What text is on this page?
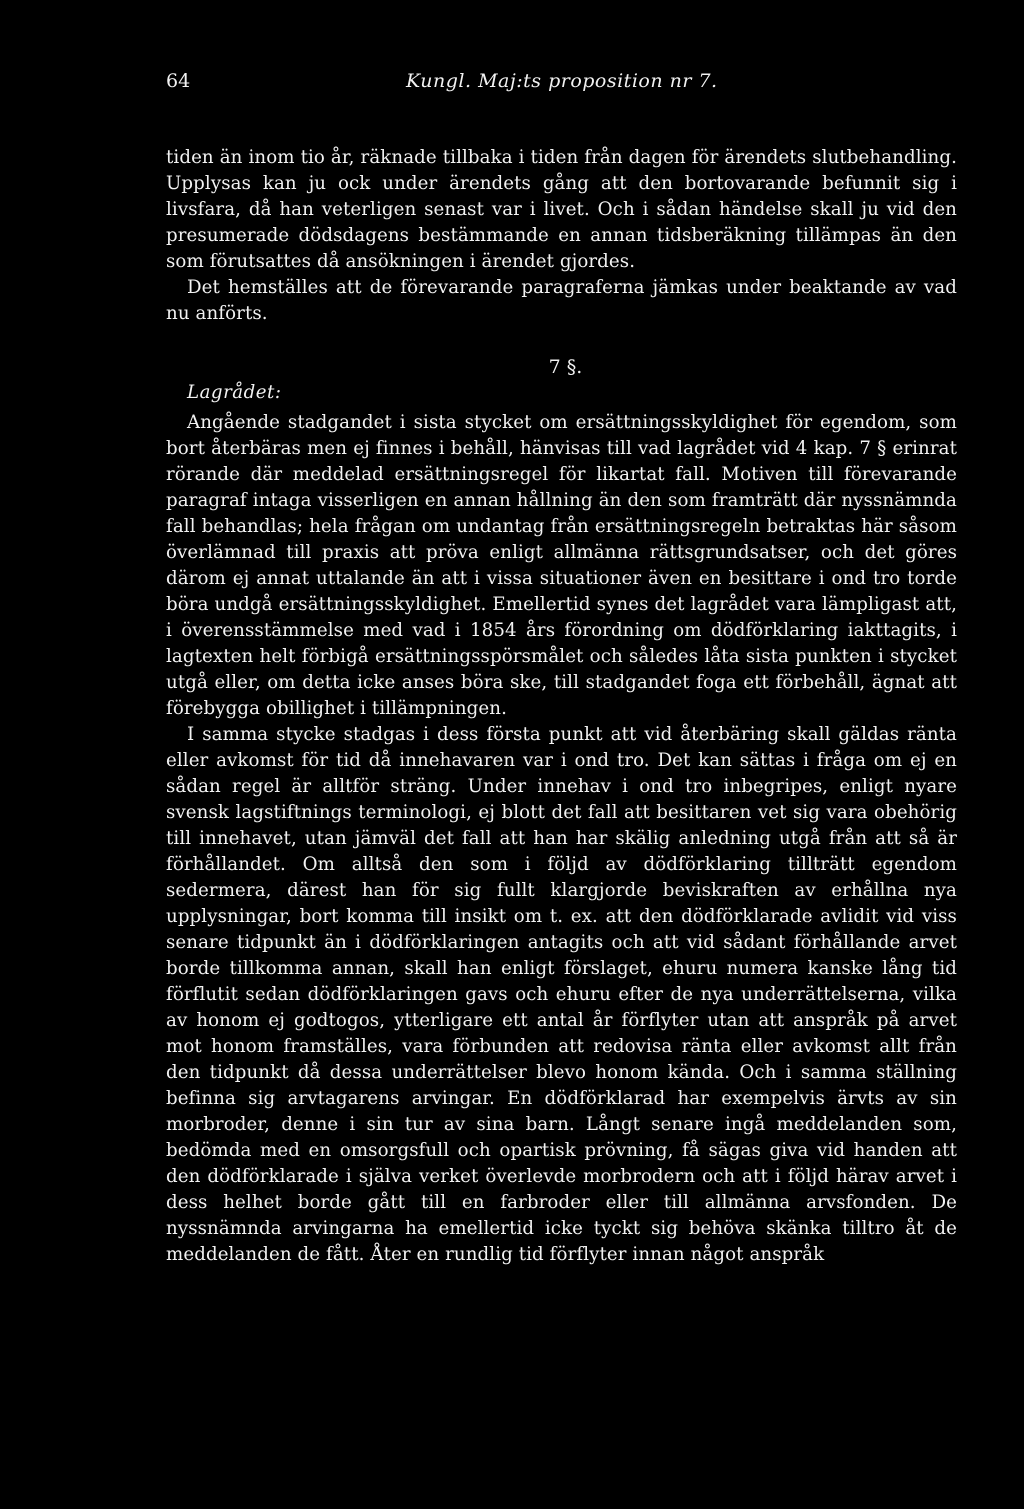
64	Kungl. Maj:ts proposition nr 7.
tiden än inom tio år, räknade tillbaka i tiden från dagen för ärendets slutbehandling. Upplysas kan ju ock under ärendets gång att den bortovarande befunnit sig i livsfara, då han veterligen senast var i livet. Och i sådan händelse skall ju vid den presumerade dödsdagens bestämmande en annan tidsberäkning tillämpas än den som förutsattes då ansökningen i ärendet gjordes.
Det hemställes att de förevarande paragraferna jämkas under beaktande av vad nu anförts.
7 §.
Lagrådet:
Angående stadgandet i sista stycket om ersättningsskyldighet för egendom, som bort återbäras men ej finnes i behåll, hänvisas till vad lagrådet vid 4 kap. 7 § erinrat rörande där meddelad ersättningsregel för likartat fall. Motiven till förevarande paragraf intaga visserligen en annan hållning än den som framträtt där nyssnämnda fall behandlas; hela frågan om undantag från ersättningsregeln betraktas här såsom överlämnad till praxis att pröva enligt allmänna rättsgrundsatser, och det göres därom ej annat uttalande än att i vissa situationer även en besittare i ond tro torde böra undgå ersättningsskyldighet. Emellertid synes det lagrådet vara lämpligast att, i överensstämmelse med vad i 1854 års förordning om dödförklaring iakttagits, i lagtexten helt förbigå ersättningsspörsmålet och således låta sista punkten i stycket utgå eller, om detta icke anses böra ske, till stadgandet foga ett förbehåll, ägnat att förebygga obillighet i tillämpningen.
I samma stycke stadgas i dess första punkt att vid återbäring skall gäldas ränta eller avkomst för tid då innehavaren var i ond tro. Det kan sättas i fråga om ej en sådan regel är alltför sträng. Under innehav i ond tro inbegripes, enligt nyare svensk lagstiftnings terminologi, ej blott det fall att besittaren vet sig vara obehörig till innehavet, utan jämväl det fall att han har skälig anledning utgå från att så är förhållandet. Om alltså den som i följd av dödförklaring tillträtt egendom sedermera, därest han för sig fullt klargjorde beviskraften av erhållna nya upplysningar, bort komma till insikt om t. ex. att den dödförklarade avlidit vid viss senare tidpunkt än i dödförklaringen antagits och att vid sådant förhållande arvet borde tillkomma annan, skall han enligt förslaget, ehuru numera kanske lång tid förflutit sedan dödförklaringen gavs och ehuru efter de nya underrättelserna, vilka av honom ej godtogos, ytterligare ett antal år förflyter utan att anspråk på arvet mot honom framställes, vara förbunden att redovisa ränta eller avkomst allt från den tidpunkt då dessa underrättelser blevo honom kända. Och i samma ställning befinna sig arvtagarens arvingar. En dödförklarad har exempelvis ärvts av sin morbroder, denne i sin tur av sina barn. Långt senare ingå meddelanden som, bedömda med en omsorgsfull och opartisk prövning, få sägas giva vid handen att den dödförklarade i själva verket överlevde morbrodern och att i följd härav arvet i dess helhet borde gått till en farbroder eller till allmänna arvsfonden. De nyssnämnda arvingarna ha emellertid icke tyckt sig behöva skänka tilltro åt de meddelanden de fått. Åter en rundlig tid förflyter innan något anspråk
